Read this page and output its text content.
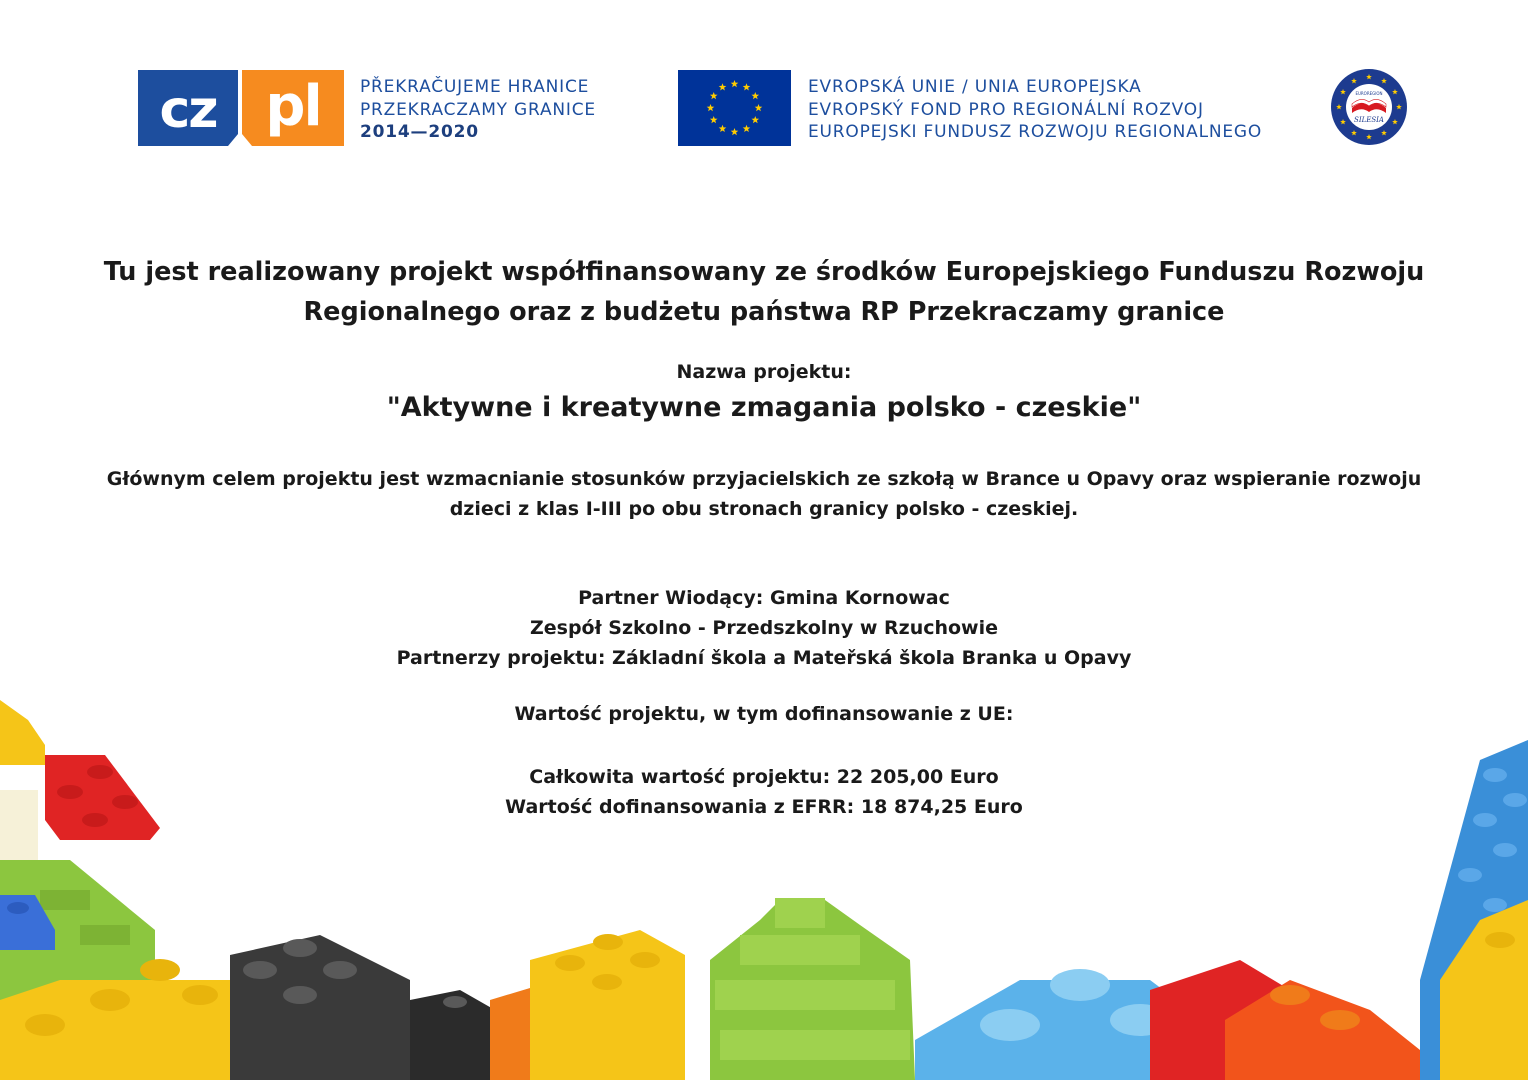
cz pl PŘEKRAČUJEME HRANICE
PRZEKRACZAMY GRANICE
2014—2020
EVROPSKÁ UNIE / UNIA EUROPEJSKA
EVROPSKÝ FOND PRO REGIONÁLNÍ ROZVOJ
EUROPEJSKI FUNDUSZ ROZWOJU REGIONALNEGO
EUROREGION
SILESIA
Tu jest realizowany projekt współfinansowany ze środków Europejskiego Funduszu Rozwoju
Regionalnego oraz z budżetu państwa RP Przekraczamy granice
Nazwa projektu:
"Aktywne i kreatywne zmagania polsko - czeskie"
Głównym celem projektu jest wzmacnianie stosunków przyjacielskich ze szkołą w Brance u Opavy oraz wspieranie rozwoju
dzieci z klas I-III po obu stronach granicy polsko - czeskiej.
Partner Wiodący: Gmina Kornowac
Zespół Szkolno - Przedszkolny w Rzuchowie
Partnerzy projektu: Základní škola a Mateřská škola Branka u Opavy
Wartość projektu, w tym dofinansowanie z UE:
Całkowita wartość projektu: 22 205,00 Euro
Wartość dofinansowania z EFRR: 18 874,25 Euro
